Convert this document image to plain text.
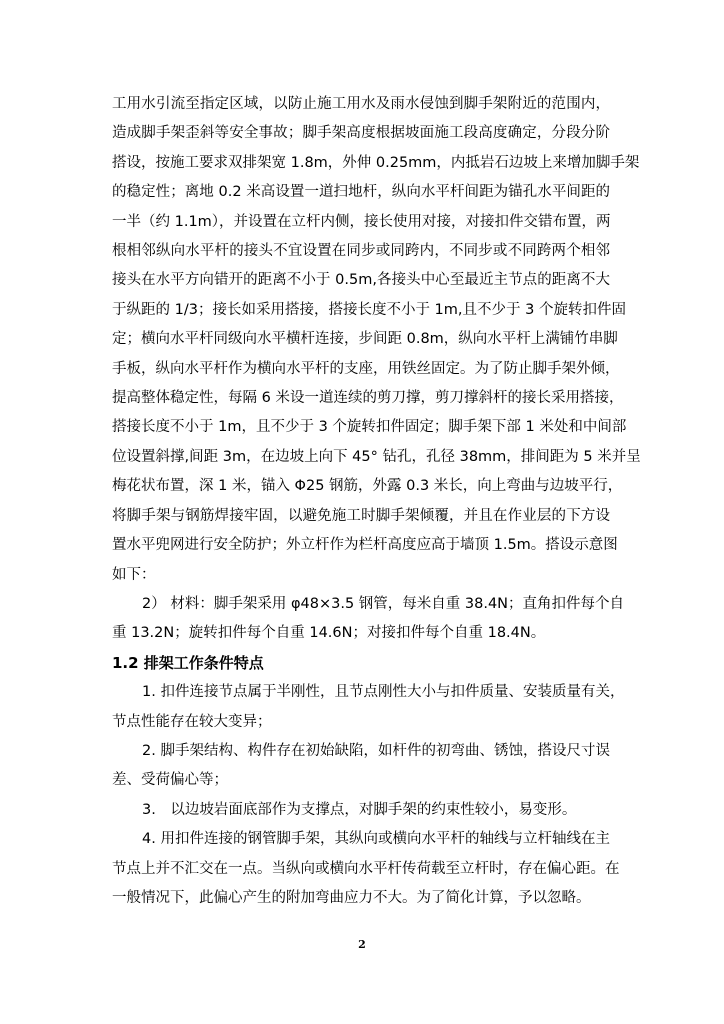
工用水引流至指定区域，以防止施工用水及雨水侵蚀到脚手架附近的范围内，
造成脚手架歪斜等安全事故；脚手架高度根据坡面施工段高度确定，分段分阶
搭设，按施工要求双排架宽 1.8m，外伸 0.25mm，内抵岩石边坡上来增加脚手架
的稳定性；离地 0.2 米高设置一道扫地杆，纵向水平杆间距为锚孔水平间距的
一半（约 1.1m），并设置在立杆内侧，接长使用对接，对接扣件交错布置，两
根相邻纵向水平杆的接头不宜设置在同步或同跨内，不同步或不同跨两个相邻
接头在水平方向错开的距离不小于 0.5m,各接头中心至最近主节点的距离不大
于纵距的 1/3；接长如采用搭接，搭接长度不小于 1m,且不少于 3 个旋转扣件固
定；横向水平杆同级向水平横杆连接，步间距 0.8m，纵向水平杆上满铺竹串脚
手板，纵向水平杆作为横向水平杆的支座，用铁丝固定。为了防止脚手架外倾，
提高整体稳定性，每隔 6 米设一道连续的剪刀撑，剪刀撑斜杆的接长采用搭接，
搭接长度不小于 1m，且不少于 3 个旋转扣件固定；脚手架下部 1 米处和中间部
位设置斜撑,间距 3m，在边坡上向下 45° 钻孔，孔径 38mm，排间距为 5 米并呈
梅花状布置，深 1 米，锚入 Φ25 钢筋，外露 0.3 米长，向上弯曲与边坡平行，
将脚手架与钢筋焊接牢固，以避免施工时脚手架倾覆，并且在作业层的下方设
置水平兜网进行安全防护；外立杆作为栏杆高度应高于墙顶 1.5m。搭设示意图
如下：
2） 材料：脚手架采用 φ48×3.5 钢管，每米自重 38.4N；直角扣件每个自
重 13.2N；旋转扣件每个自重 14.6N；对接扣件每个自重 18.4N。
1.2 排架工作条件特点
1. 扣件连接节点属于半刚性，且节点刚性大小与扣件质量、安装质量有关，
节点性能存在较大变异；
2. 脚手架结构、构件存在初始缺陷，如杆件的初弯曲、锈蚀，搭设尺寸误
差、受荷偏心等；
3.　以边坡岩面底部作为支撑点，对脚手架的约束性较小，易变形。
4. 用扣件连接的钢管脚手架，其纵向或横向水平杆的轴线与立杆轴线在主
节点上并不汇交在一点。当纵向或横向水平杆传荷载至立杆时，存在偏心距。在
一般情况下，此偏心产生的附加弯曲应力不大。为了简化计算，予以忽略。
2
